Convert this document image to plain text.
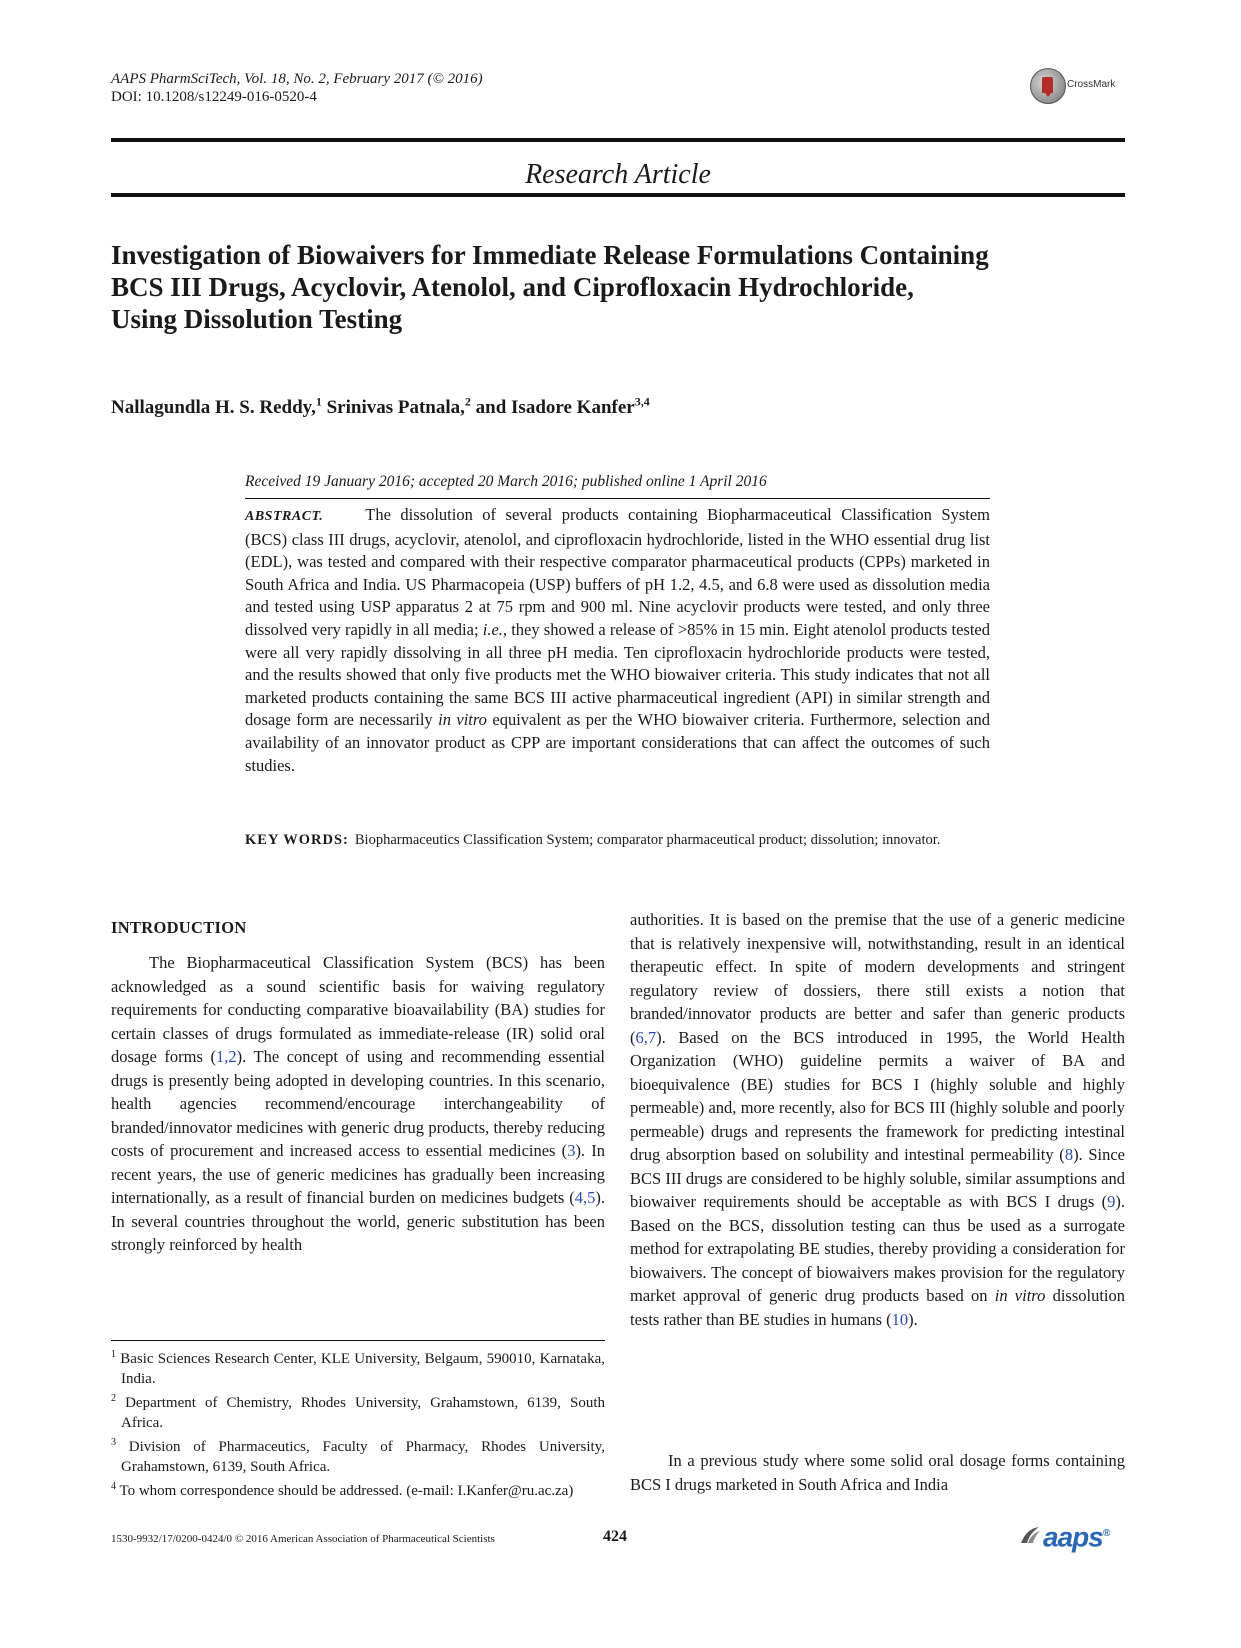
AAPS PharmSciTech, Vol. 18, No. 2, February 2017 (© 2016)
DOI: 10.1208/s12249-016-0520-4
CrossMark
Research Article
Investigation of Biowaivers for Immediate Release Formulations Containing
BCS III Drugs, Acyclovir, Atenolol, and Ciprofloxacin Hydrochloride,
Using Dissolution Testing
Nallagundla H. S. Reddy,$^1$ Srinivas Patnala,$^2$ and Isadore Kanfer$^{3,4}$
Received 19 January 2016; accepted 20 March 2016; published online 1 April 2016
ABSTRACT.	The dissolution of several products containing Biopharmaceutical Classification System (BCS) class III drugs, acyclovir, atenolol, and ciprofloxacin hydrochloride, listed in the WHO essential drug list (EDL), was tested and compared with their respective comparator pharmaceutical products (CPPs) marketed in South Africa and India. US Pharmacopeia (USP) buffers of pH 1.2, 4.5, and 6.8 were used as dissolution media and tested using USP apparatus 2 at 75 rpm and 900 ml. Nine acyclovir products were tested, and only three dissolved very rapidly in all media; i.e., they showed a release of >85% in 15 min. Eight atenolol products tested were all very rapidly dissolving in all three pH media. Ten ciprofloxacin hydrochloride products were tested, and the results showed that only five products met the WHO biowaiver criteria. This study indicates that not all marketed products containing the same BCS III active pharmaceutical ingredient (API) in similar strength and dosage form are necessarily in vitro equivalent as per the WHO biowaiver criteria. Furthermore, selection and availability of an innovator product as CPP are important considerations that can affect the outcomes of such studies.
KEY WORDS: Biopharmaceutics Classification System; comparator pharmaceutical product; dissolution; innovator.
INTRODUCTION
The Biopharmaceutical Classification System (BCS) has been acknowledged as a sound scientific basis for waiving regulatory requirements for conducting comparative bioavailability (BA) studies for certain classes of drugs formulated as immediate-release (IR) solid oral dosage forms (1,2). The concept of using and recommending essential drugs is presently being adopted in developing countries. In this scenario, health agencies recommend/encourage interchangeability of branded/innovator medicines with generic drug products, thereby reducing costs of procurement and increased access to essential medicines (3). In recent years, the use of generic medicines has gradually been increasing internationally, as a result of financial burden on medicines budgets (4,5). In several countries throughout the world, generic substitution has been strongly reinforced by health
$^1$ Basic Sciences Research Center, KLE University, Belgaum, 590010, Karnataka, India.
$^2$ Department of Chemistry, Rhodes University, Grahamstown, 6139, South Africa.
$^3$ Division of Pharmaceutics, Faculty of Pharmacy, Rhodes University, Grahamstown, 6139, South Africa.
$^4$ To whom correspondence should be addressed. (e-mail: I.Kanfer@ru.ac.za)
authorities. It is based on the premise that the use of a generic medicine that is relatively inexpensive will, notwithstanding, result in an identical therapeutic effect. In spite of modern developments and stringent regulatory review of dossiers, there still exists a notion that branded/innovator products are better and safer than generic products (6,7). Based on the BCS introduced in 1995, the World Health Organization (WHO) guideline permits a waiver of BA and bioequivalence (BE) studies for BCS I (highly soluble and highly permeable) and, more recently, also for BCS III (highly soluble and poorly permeable) drugs and represents the framework for predicting intestinal drug absorption based on solubility and intestinal permeability (8). Since BCS III drugs are considered to be highly soluble, similar assumptions and biowaiver requirements should be acceptable as with BCS I drugs (9). Based on the BCS, dissolution testing can thus be used as a surrogate method for extrapolating BE studies, thereby providing a consideration for biowaivers. The concept of biowaivers makes provision for the regulatory market approval of generic drug products based on in vitro dissolution tests rather than BE studies in humans (10).
In a previous study where some solid oral dosage forms containing BCS I drugs marketed in South Africa and India
1530-9932/17/0200-0424/0 © 2016 American Association of Pharmaceutical Scientists	424	aaps®
